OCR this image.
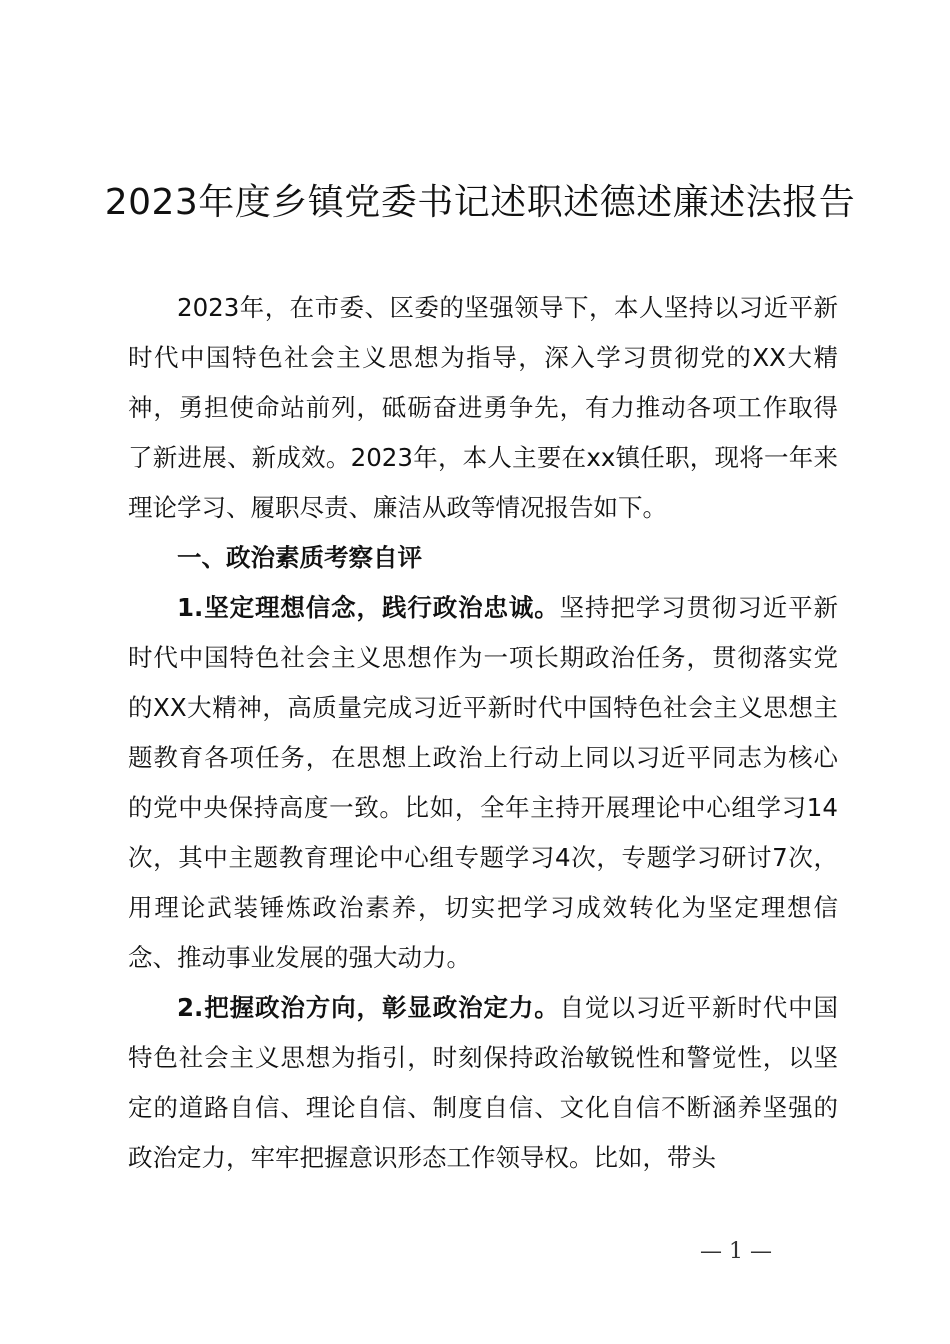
2023年度乡镇党委书记述职述德述廉述法报告

2023年，在市委、区委的坚强领导下，本人坚持以习近平新时代中国特色社会主义思想为指导，深入学习贯彻党的XX大精神，勇担使命站前列，砥砺奋进勇争先，有力推动各项工作取得了新进展、新成效。2023年，本人主要在xx镇任职，现将一年来理论学习、履职尽责、廉洁从政等情况报告如下。

一、政治素质考察自评

1.坚定理想信念，践行政治忠诚。坚持把学习贯彻习近平新时代中国特色社会主义思想作为一项长期政治任务，贯彻落实党的XX大精神，高质量完成习近平新时代中国特色社会主义思想主题教育各项任务，在思想上政治上行动上同以习近平同志为核心的党中央保持高度一致。比如，全年主持开展理论中心组学习14次，其中主题教育理论中心组专题学习4次，专题学习研讨7次，用理论武装锤炼政治素养，切实把学习成效转化为坚定理想信念、推动事业发展的强大动力。

2.把握政治方向，彰显政治定力。自觉以习近平新时代中国特色社会主义思想为指引，时刻保持政治敏锐性和警觉性，以坚定的道路自信、理论自信、制度自信、文化自信不断涵养坚强的政治定力，牢牢把握意识形态工作领导权。比如，带头

— 1 —
